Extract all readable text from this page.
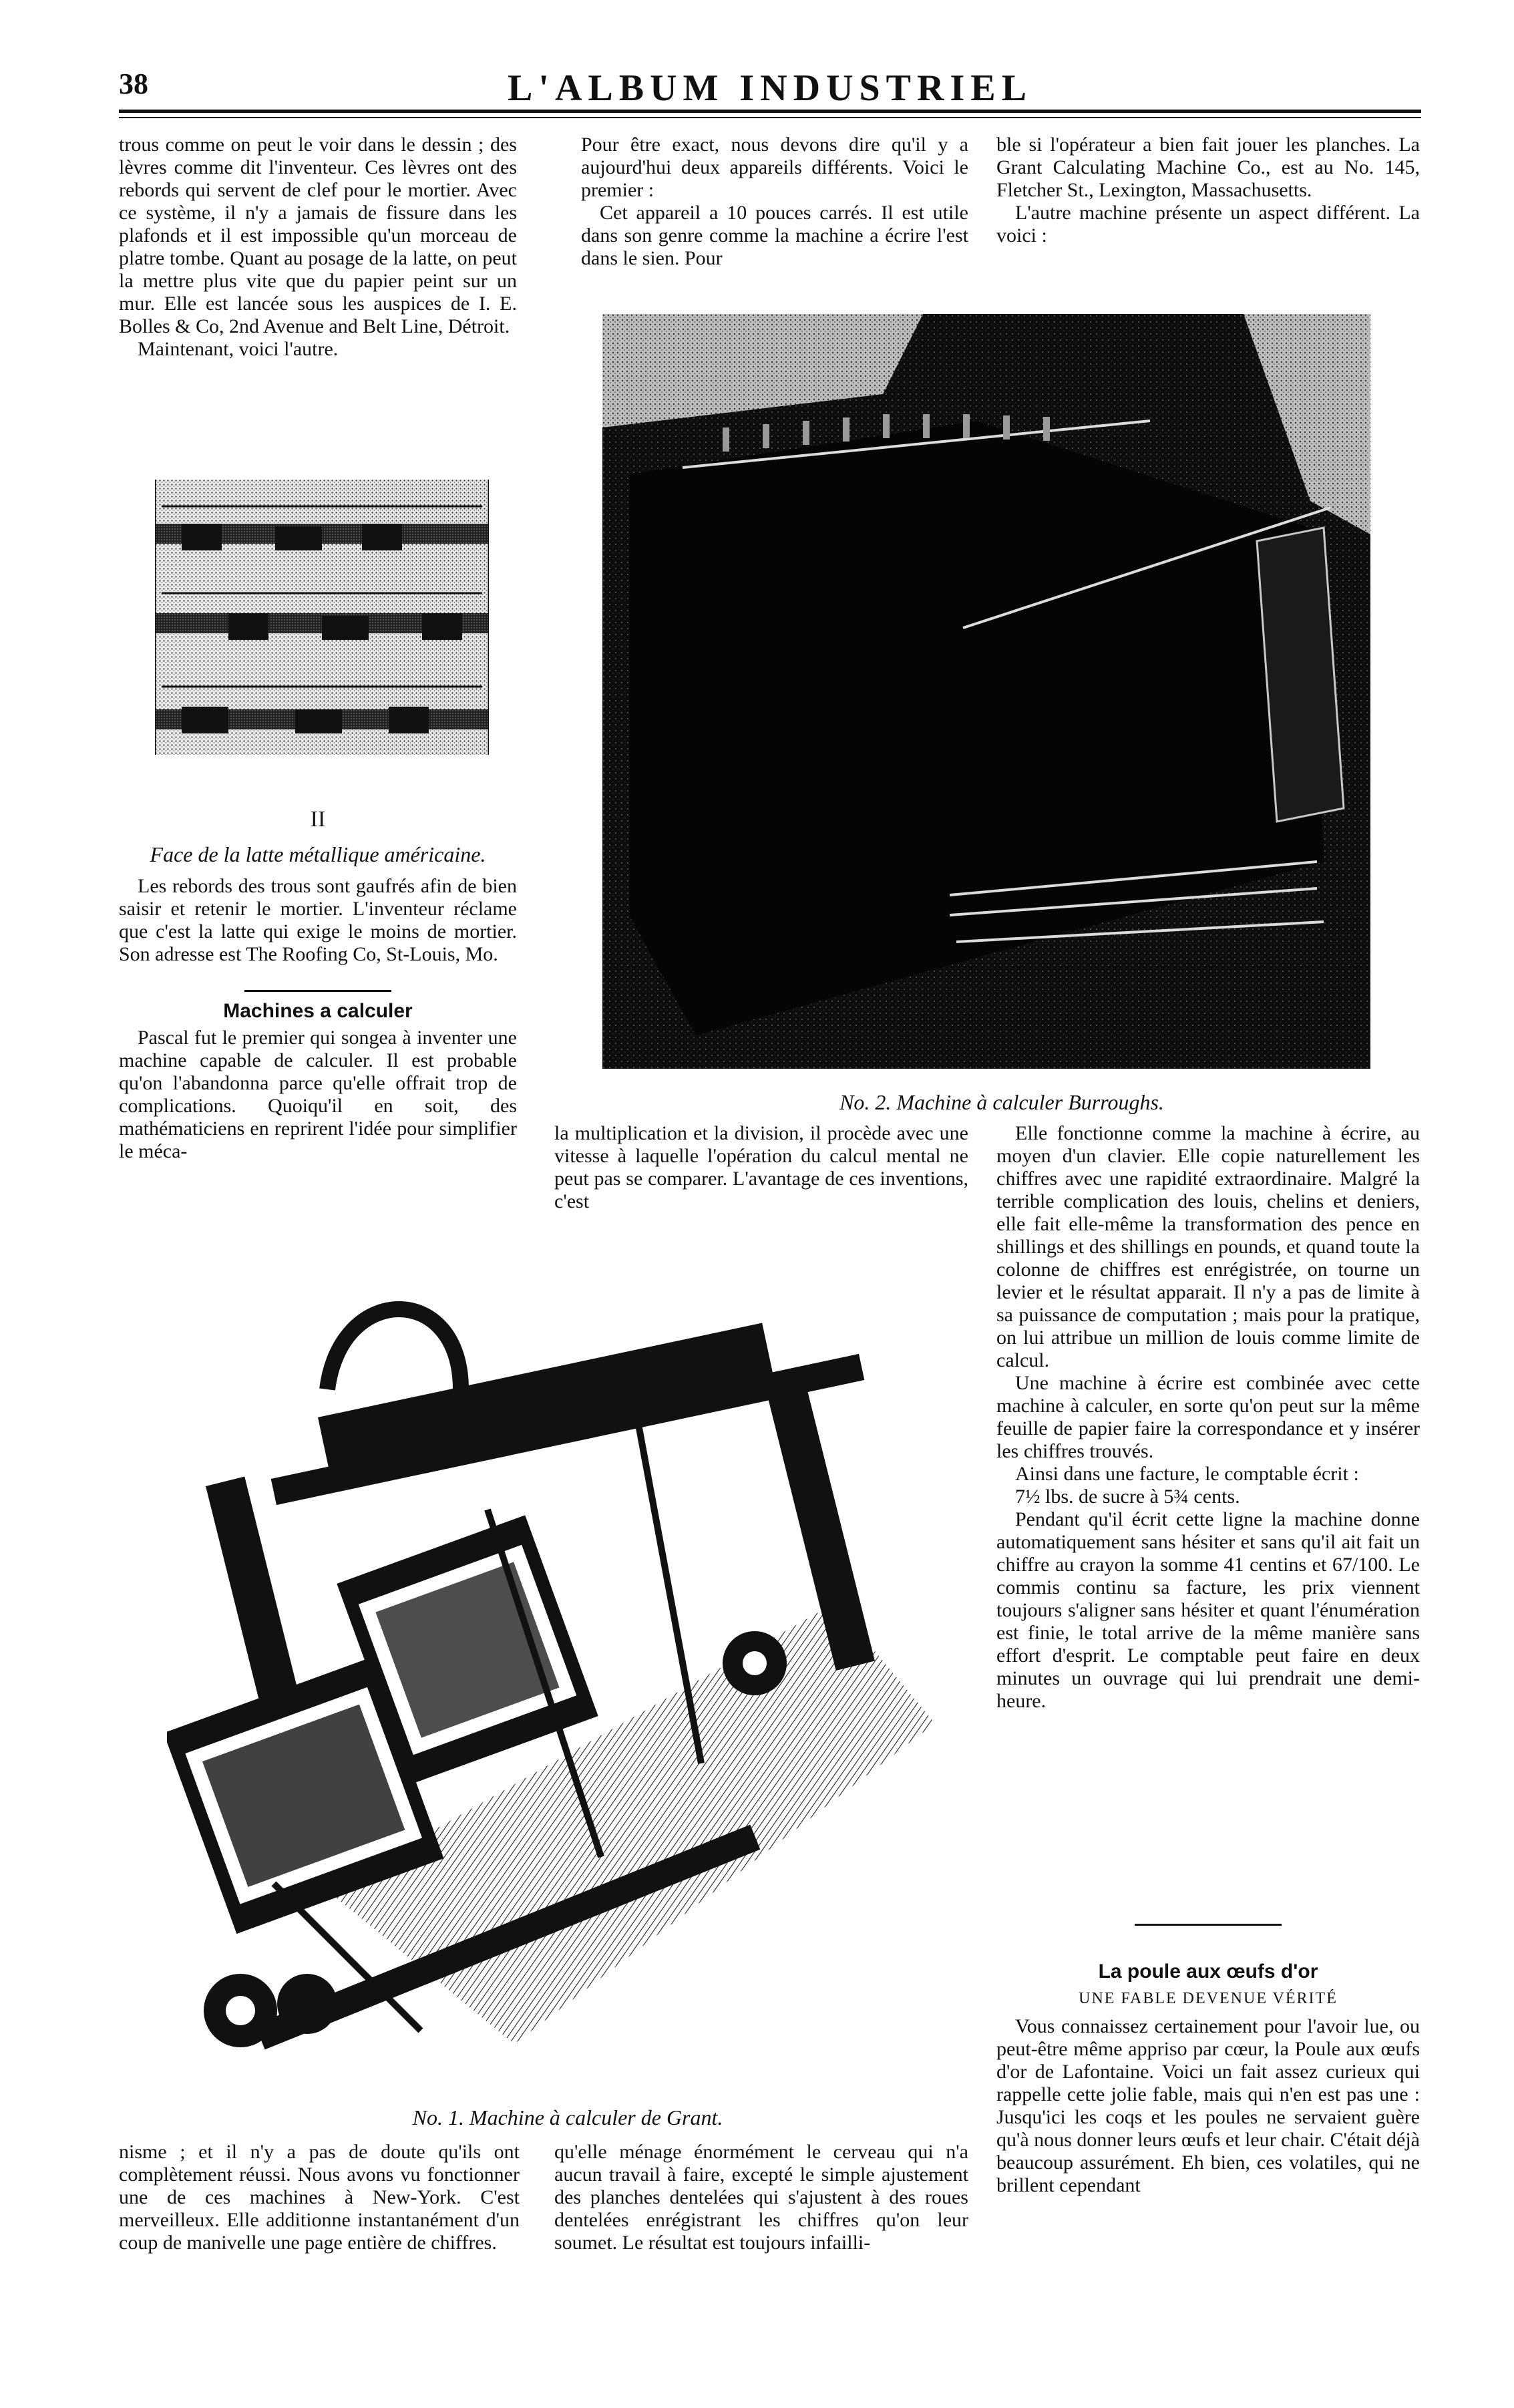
38	L'ALBUM INDUSTRIEL

trous comme on peut le voir dans le dessin ; des lèvres comme dit l'inventeur. Ces lèvres ont des rebords qui servent de clef pour le mortier. Avec ce système, il n'y a jamais de fissure dans les plafonds et il est impossible qu'un morceau de platre tombe. Quant au posage de la latte, on peut la mettre plus vite que du papier peint sur un mur. Elle est lancée sous les auspices de I. E. Bolles & Co, 2nd Avenue and Belt Line, Détroit.

Maintenant, voici l'autre.

II
Face de la latte métallique américaine.

Les rebords des trous sont gaufrés afin de bien saisir et retenir le mortier. L'inventeur réclame que c'est la latte qui exige le moins de mortier. Son adresse est The Roofing Co, St-Louis, Mo.

Machines a calculer

Pascal fut le premier qui songea à inventer une machine capable de calculer. Il est probable qu'on l'abandonna parce qu'elle offrait trop de complications. Quoiqu'il en soit, des mathématiciens en reprirent l'idée pour simplifier le méca-

Pour être exact, nous devons dire qu'il y a aujourd'hui deux appareils différents. Voici le premier :

Cet appareil a 10 pouces carrés. Il est utile dans son genre comme la machine a écrire l'est dans le sien. Pour

ble si l'opérateur a bien fait jouer les planches. La Grant Calculating Machine Co., est au No. 145, Fletcher St., Lexington, Massachusetts.

L'autre machine présente un aspect différent. La voici :

No. 2. Machine à calculer Burroughs.

la multiplication et la division, il procède avec une vitesse à laquelle l'opération du calcul mental ne peut pas se comparer. L'avantage de ces inventions, c'est

Elle fonctionne comme la machine à écrire, au moyen d'un clavier. Elle copie naturellement les chiffres avec une rapidité extraordinaire. Malgré la terrible complication des louis, chelins et deniers, elle fait elle-même la transformation des pence en shillings et des shillings en pounds, et quand toute la colonne de chiffres est enrégistrée, on tourne un levier et le résultat apparait. Il n'y a pas de limite à sa puissance de computation ; mais pour la pratique, on lui attribue un million de louis comme limite de calcul.

Une machine à écrire est combinée avec cette machine à calculer, en sorte qu'on peut sur la même feuille de papier faire la correspondance et y insérer les chiffres trouvés.

Ainsi dans une facture, le comptable écrit :

7½ lbs. de sucre à 5¾ cents.

Pendant qu'il écrit cette ligne la machine donne automatiquement sans hésiter et sans qu'il ait fait un chiffre au crayon la somme 41 centins et 67/100. Le commis continu sa facture, les prix viennent toujours s'aligner sans hésiter et quant l'énumération est finie, le total arrive de la même manière sans effort d'esprit. Le comptable peut faire en deux minutes un ouvrage qui lui prendrait une demi-heure.

No. 1. Machine à calculer de Grant.

nisme ; et il n'y a pas de doute qu'ils ont complètement réussi. Nous avons vu fonctionner une de ces machines à New-York. C'est merveilleux. Elle additionne instantanément d'un coup de manivelle une page entière de chiffres.

qu'elle ménage énormément le cerveau qui n'a aucun travail à faire, excepté le simple ajustement des planches dentelées qui s'ajustent à des roues dentelées enrégistrant les chiffres qu'on leur soumet. Le résultat est toujours infailli-

La poule aux œufs d'or
UNE FABLE DEVENUE VÉRITÉ

Vous connaissez certainement pour l'avoir lue, ou peut-être même appriso par cœur, la Poule aux œufs d'or de Lafontaine. Voici un fait assez curieux qui rappelle cette jolie fable, mais qui n'en est pas une : Jusqu'ici les coqs et les poules ne servaient guère qu'à nous donner leurs œufs et leur chair. C'était déjà beaucoup assurément. Eh bien, ces volatiles, qui ne brillent cependant
